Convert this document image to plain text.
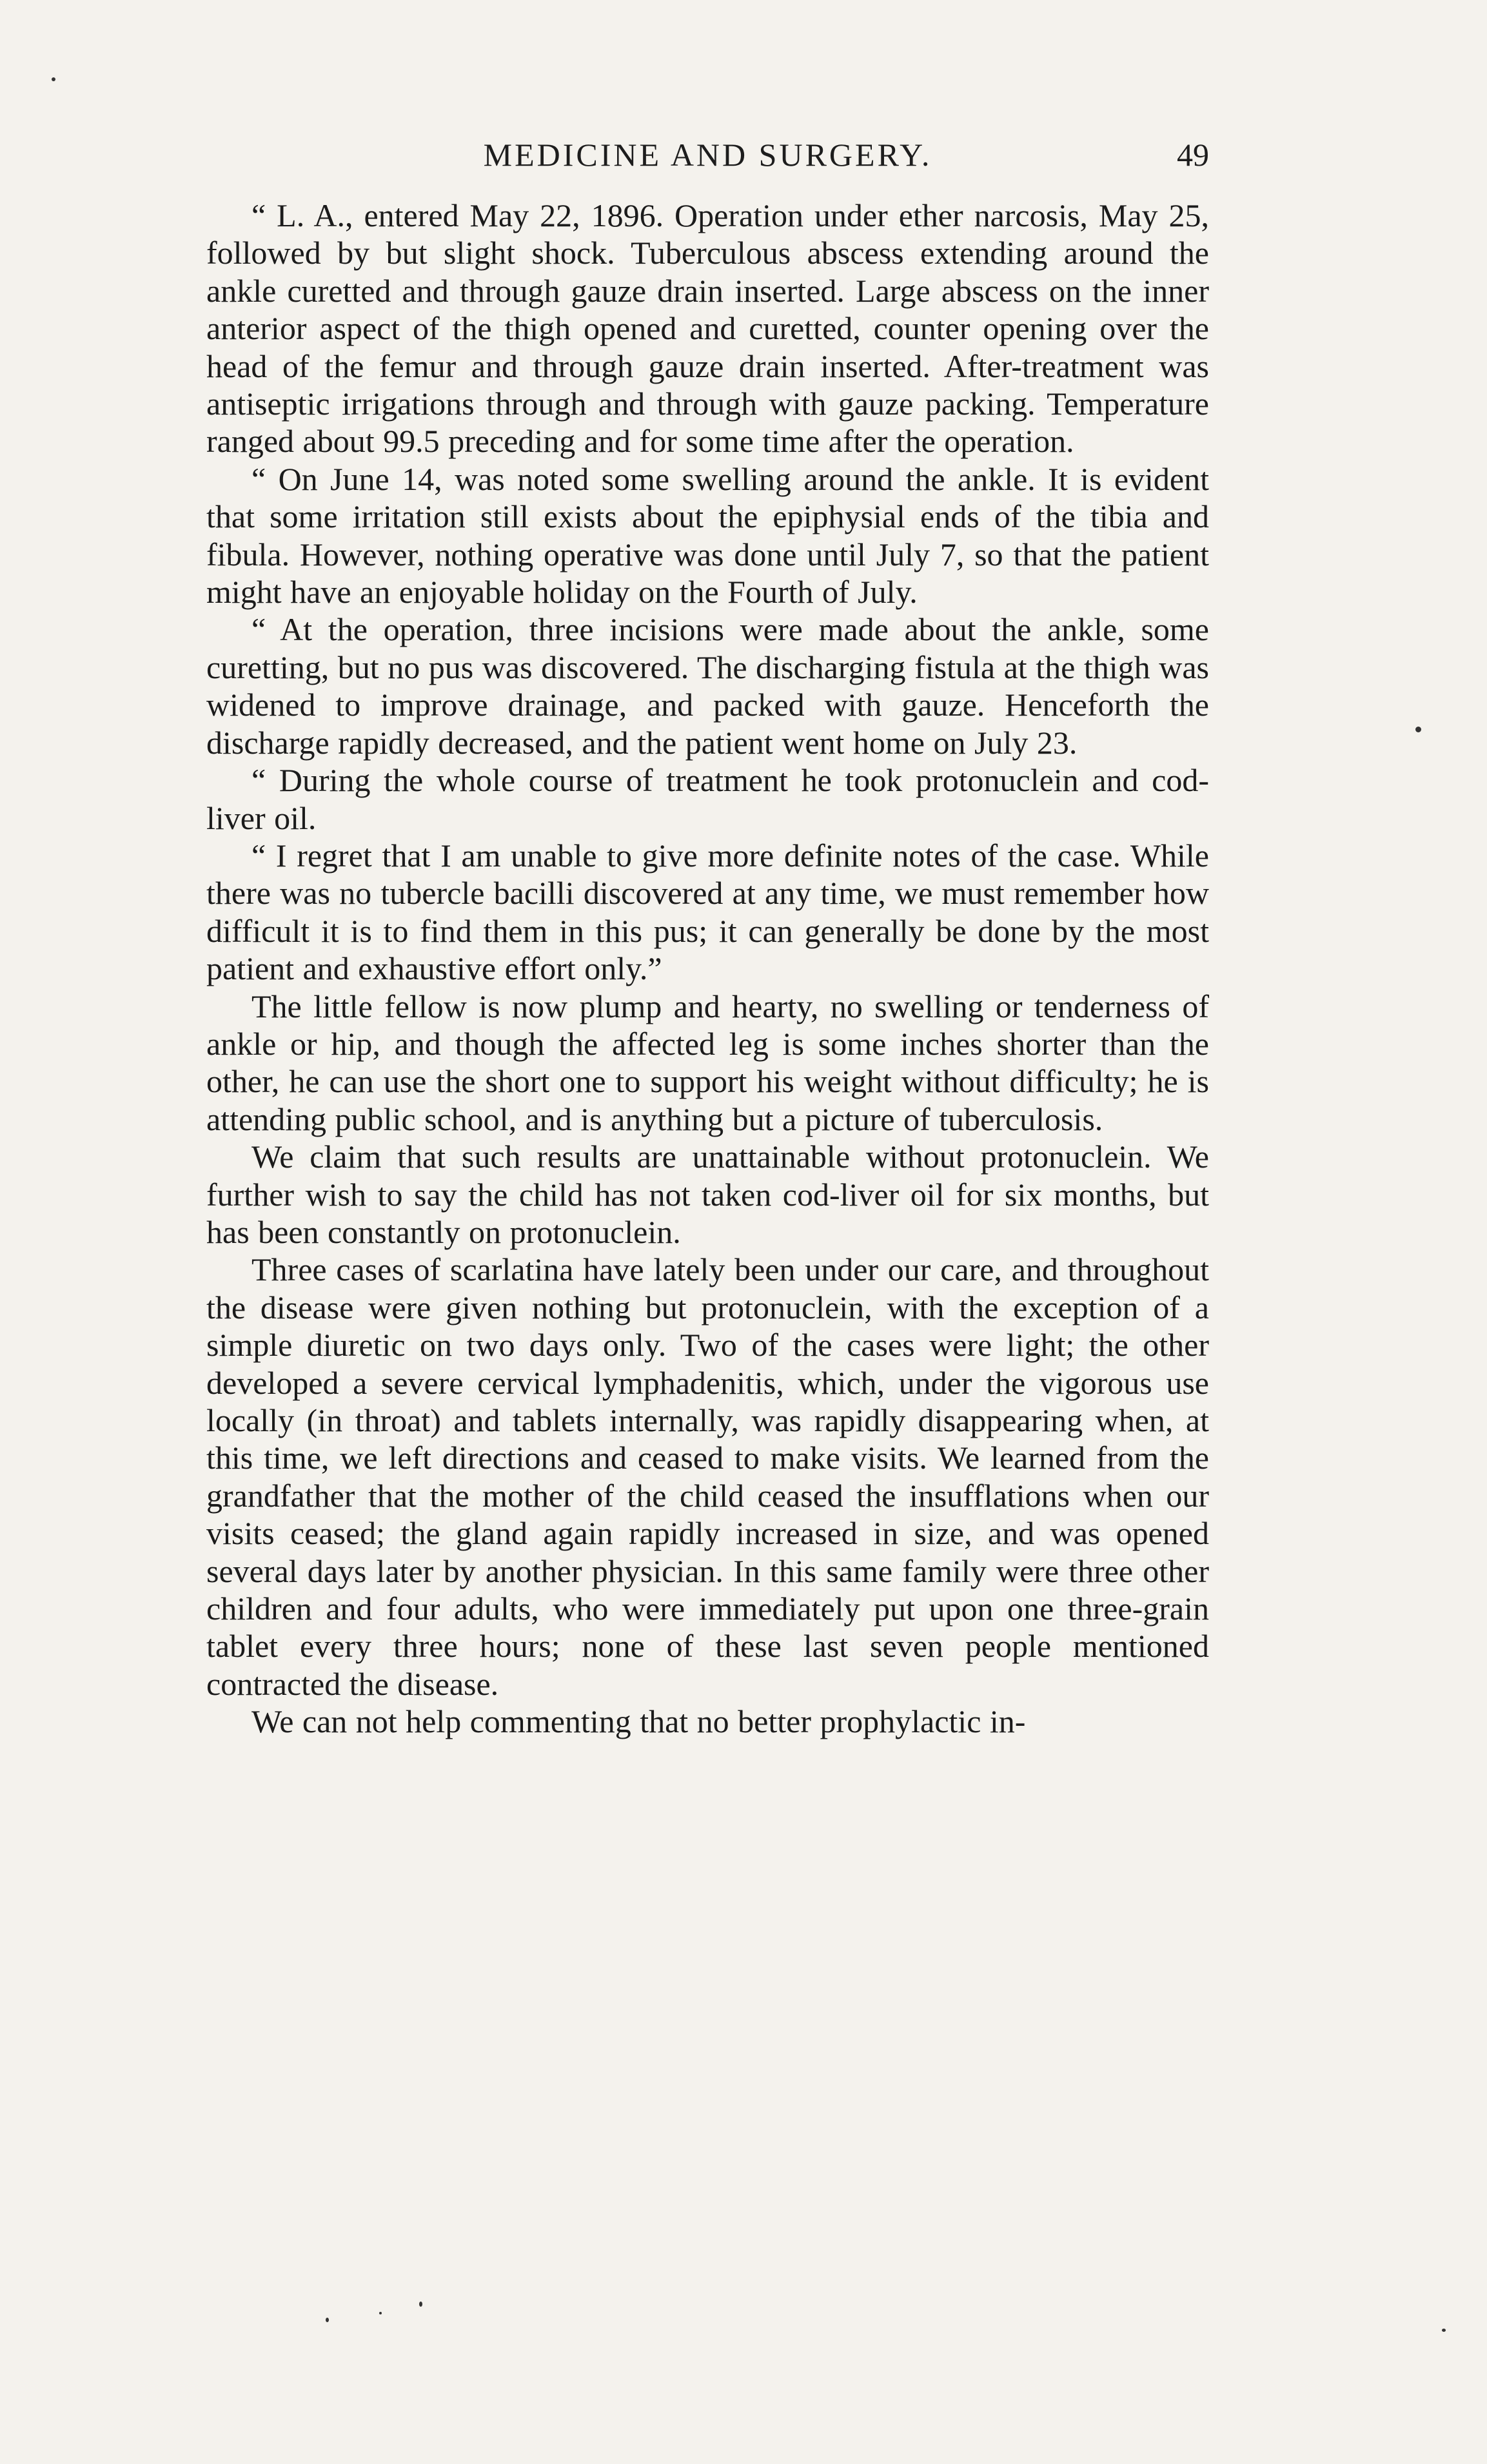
MEDICINE AND SURGERY.	49

“ L. A., entered May 22, 1896. Operation under ether narcosis, May 25, followed by but slight shock. Tuberculous abscess extending around the ankle curetted and through gauze drain inserted. Large abscess on the inner anterior aspect of the thigh opened and curetted, counter opening over the head of the femur and through gauze drain inserted. After-treatment was antiseptic irrigations through and through with gauze packing. Temperature ranged about 99.5 preceding and for some time after the operation.

“ On June 14, was noted some swelling around the ankle. It is evident that some irritation still exists about the epiphysial ends of the tibia and fibula. However, nothing operative was done until July 7, so that the patient might have an enjoyable holiday on the Fourth of July.

“ At the operation, three incisions were made about the ankle, some curetting, but no pus was discovered. The discharging fistula at the thigh was widened to improve drainage, and packed with gauze. Henceforth the discharge rapidly decreased, and the patient went home on July 23.

“ During the whole course of treatment he took protonuclein and cod-liver oil.

“ I regret that I am unable to give more definite notes of the case. While there was no tubercle bacilli discovered at any time, we must remember how difficult it is to find them in this pus; it can generally be done by the most patient and exhaustive effort only.”

The little fellow is now plump and hearty, no swelling or tenderness of ankle or hip, and though the affected leg is some inches shorter than the other, he can use the short one to support his weight without difficulty; he is attending public school, and is anything but a picture of tuberculosis.

We claim that such results are unattainable without protonuclein. We further wish to say the child has not taken cod-liver oil for six months, but has been constantly on protonuclein.

Three cases of scarlatina have lately been under our care, and throughout the disease were given nothing but protonuclein, with the exception of a simple diuretic on two days only. Two of the cases were light; the other developed a severe cervical lymphadenitis, which, under the vigorous use locally (in throat) and tablets internally, was rapidly disappearing when, at this time, we left directions and ceased to make visits. We learned from the grandfather that the mother of the child ceased the insufflations when our visits ceased; the gland again rapidly increased in size, and was opened several days later by another physician. In this same family were three other children and four adults, who were immediately put upon one three-grain tablet every three hours; none of these last seven people mentioned contracted the disease.

We can not help commenting that no better prophylactic in-
